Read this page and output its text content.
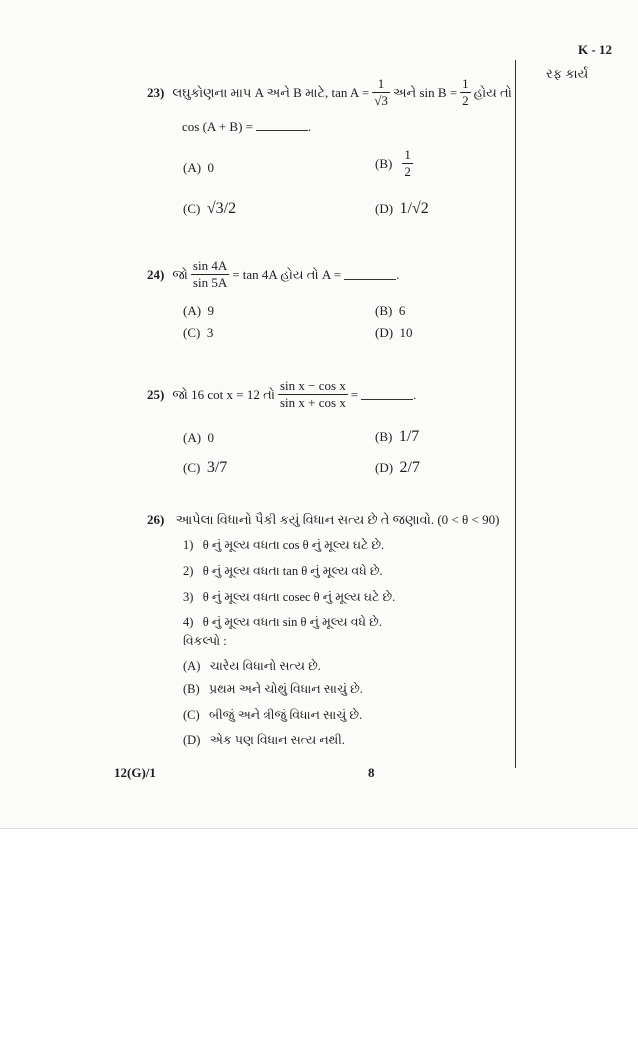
K - 12
રફ કાર્ય
23) લઘુકોણના માપ A અને B માટે, $\tan A = \frac{1}{√3}$ અને $\sin B = \frac{1}{2}$ હોય તો
cos (A + B) =	.
(A) 0	$(B) \frac{1}{2}$
(C) √3/2	(D) 1/√2
24) જો $\frac{\sin 4A}{\sin 5A} = \tan 4A$ હોય તો A =	.
(A) 9	(B) 6
(C) 3	(D) 10
25) જો 16 cot x = 12 તો $\frac{\text{sin x − cos x}}{\text{sin x + cos x}}$ =	.
(A) 0	(B) 1/7
(C) 3/7	(D) 2/7
26) આપેલા વિધાનો પૈકી કયું વિધાન સત્ય છે તે જણાવો. (0 < θ < 90)
1) θ નું મૂલ્ય વધતા cos θ નું મૂલ્ય ઘટે છે.
2) θ નું મૂલ્ય વધતા tan θ નું મૂલ્ય વધે છે.
3) θ નું મૂલ્ય વધતા cosec θ નું મૂલ્ય ઘટે છે.
4) θ નું મૂલ્ય વધતા sin θ નું મૂલ્ય વધે છે.
વિકલ્પો :
(A) ચારેય વિધાનો સત્ય છે.
(B) પ્રથમ અને ચોથું વિધાન સાચું છે.
(C) બીજું અને ત્રીજું વિધાન સાચું છે.
(D) એક પણ વિધાન સત્ય નથી.
12(G)/1	8
